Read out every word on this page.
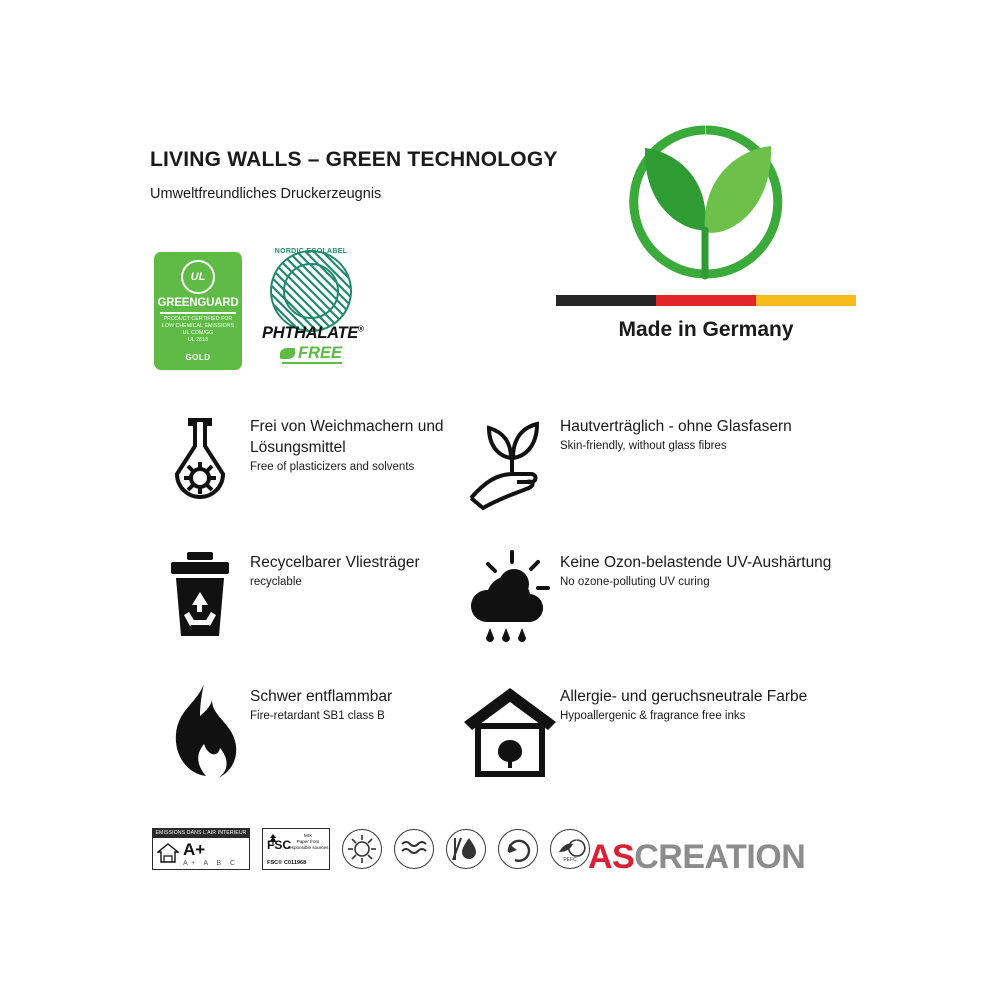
LIVING WALLS – GREEN TECHNOLOGY
Umweltfreundliches Druckerzeugnis
UL
GREENGUARD
PRODUCT CERTIFIED FOR
LOW CHEMICAL EMISSIONS
UL.COM/GG
UL 2818
GOLD
NORDIC ECOLABEL
PHTHALATE®
FREE
Made in Germany
Frei von Weichmachern und Lösungsmittel
Free of plasticizers and solvents
Hautverträglich - ohne Glasfasern
Skin-friendly, without glass fibres
Recycelbarer Vliesträger
recyclable
Keine Ozon-belastende UV-Aushärtung
No ozone-polluting UV curing
Schwer entflammbar
Fire-retardant SB1 class B
Allergie- und geruchsneutrale Farbe
Hypoallergenic & fragrance free inks
EMISSIONS DANS L'AIR INTERIEUR
A+
A+ A B C
FSC
MIX
Paper from
responsible sources
FSC® C011968	PEFC ASCREATION
